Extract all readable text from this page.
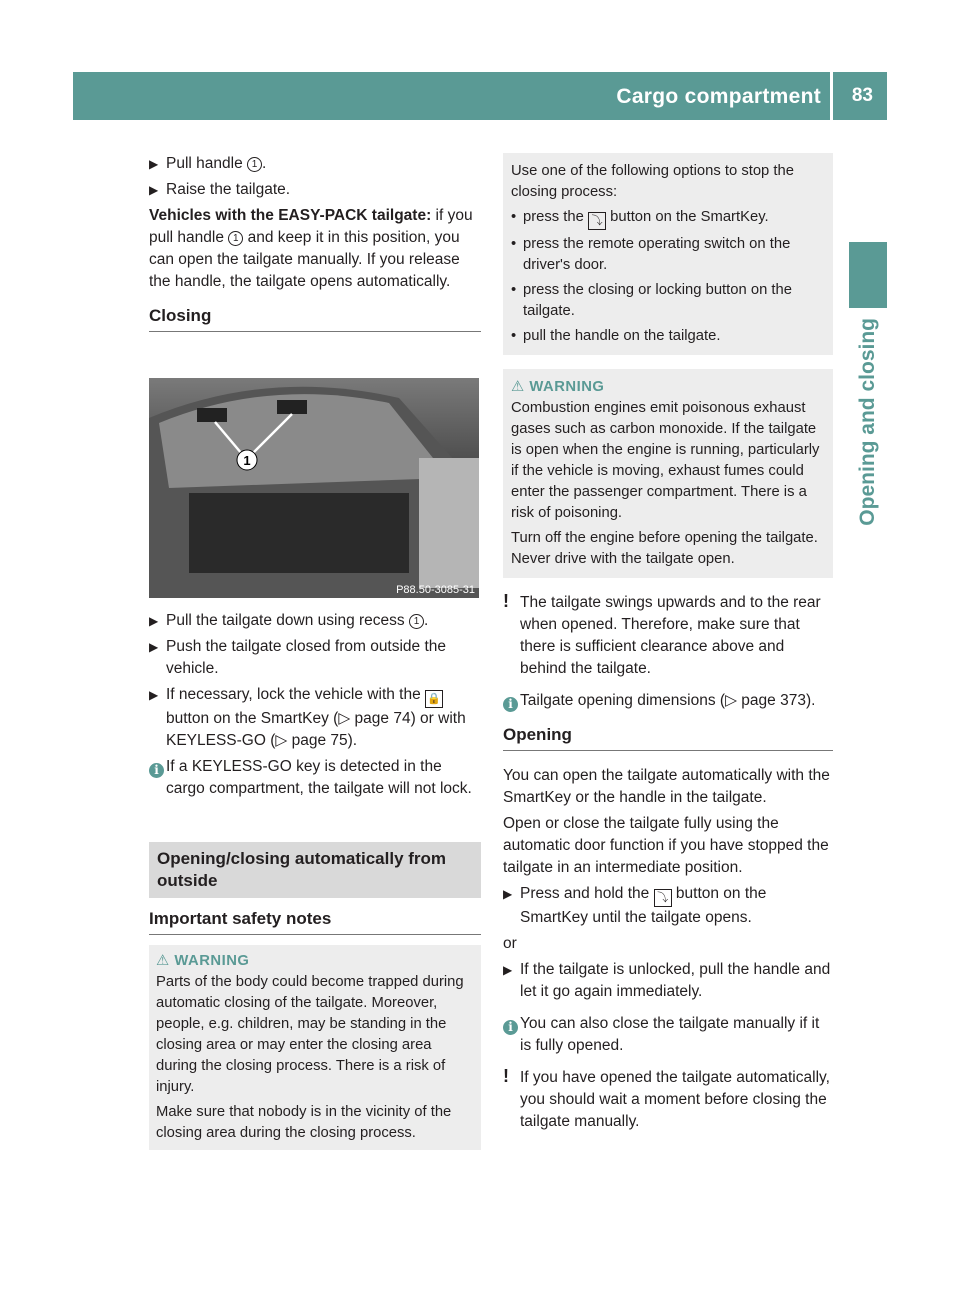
Cargo compartment 83
Opening and closing

▶ Pull handle 1 .

▶ Raise the tailgate.

Vehicles with the EASY-PACK tailgate: if you pull handle 1 and keep it in this position, you can open the tailgate manually. If you release the handle, the tailgate opens automatically.

Closing

1
P88.50-3085-31

▶ Pull the tailgate down using recess 1 .

▶ Push the tailgate closed from outside the vehicle.

▶ If necessary, lock the vehicle with the 🔒 button on the SmartKey (▷ page 74) or with KEYLESS-GO (▷ page 75).

i If a KEYLESS-GO key is detected in the cargo compartment, the tailgate will not lock.

Opening/closing automatically from outside

Important safety notes

⚠ WARNING

Parts of the body could become trapped during automatic closing of the tailgate. Moreover, people, e.g. children, may be standing in the closing area or may enter the closing area during the closing process. There is a risk of injury.

Make sure that nobody is in the vicinity of the closing area during the closing process.

Use one of the following options to stop the closing process:

• press the ⤵ button on the SmartKey.

• press the remote operating switch on the driver's door.

• press the closing or locking button on the tailgate.

• pull the handle on the tailgate.

⚠ WARNING

Combustion engines emit poisonous exhaust gases such as carbon monoxide. If the tailgate is open when the engine is running, particularly if the vehicle is moving, exhaust fumes could enter the passenger compartment. There is a risk of poisoning.

Turn off the engine before opening the tailgate. Never drive with the tailgate open.

! The tailgate swings upwards and to the rear when opened. Therefore, make sure that there is sufficient clearance above and behind the tailgate.

i Tailgate opening dimensions (▷ page 373).

Opening

You can open the tailgate automatically with the SmartKey or the handle in the tailgate.

Open or close the tailgate fully using the automatic door function if you have stopped the tailgate in an intermediate position.

▶ Press and hold the ⤵ button on the SmartKey until the tailgate opens.

or

▶ If the tailgate is unlocked, pull the handle and let it go again immediately.

i You can also close the tailgate manually if it is fully opened.

! If you have opened the tailgate automatically, you should wait a moment before closing the tailgate manually.
